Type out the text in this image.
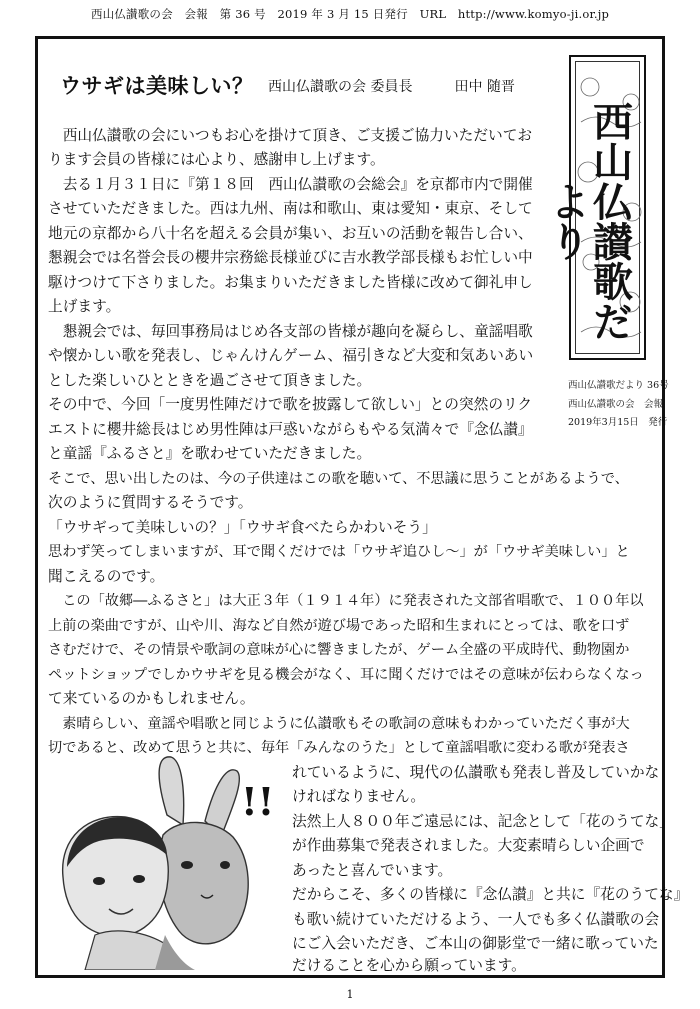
西山仏讃歌の会　会報　第 36 号　2019 年 3 月 15 日発行　URL　http://www.komyo-ji.or.jp
ウサギは美味しい？ 西山仏讃歌の会 委員長　　　田中 随晋
西山仏讃歌だより
西山仏讃歌だより 36号
西山仏讃歌の会　会報
2019年3月15日　発行
　西山仏讃歌の会にいつもお心を掛けて頂き、ご支援ご協力いただいてお
ります会員の皆様には心より、感謝申し上げます。
　去る１月３１日に『第１８回　西山仏讃歌の会総会』を京都市内で開催
させていただきました。西は九州、南は和歌山、東は愛知・東京、そして
地元の京都から八十名を超える会員が集い、お互いの活動を報告し合い、
懇親会では名誉会長の櫻井宗務総長様並びに吉水教学部長様もお忙しい中
駆けつけて下さりました。お集まりいただきました皆様に改めて御礼申し
上げます。
　懇親会では、毎回事務局はじめ各支部の皆様が趣向を凝らし、童謡唱歌
や懐かしい歌を発表し、じゃんけんゲーム、福引きなど大変和気あいあい
とした楽しいひとときを過ごさせて頂きました。
その中で、今回「一度男性陣だけで歌を披露して欲しい」との突然のリク
エストに櫻井総長はじめ男性陣は戸惑いながらもやる気満々で『念仏讃』
と童謡『ふるさと』を歌わせていただきました。
そこで、思い出したのは、今の子供達はこの歌を聴いて、不思議に思うことがあるようで、
次のように質問するそうです。
「ウサギって美味しいの？」「ウサギ食べたらかわいそう」
思わず笑ってしまいますが、耳で聞くだけでは「ウサギ追ひし〜」が「ウサギ美味しい」と
聞こえるのです。
　この「故郷―ふるさと」は大正３年（１９１４年）に発表された文部省唱歌で、１００年以
上前の楽曲ですが、山や川、海など自然が遊び場であった昭和生まれにとっては、歌を口ず
さむだけで、その情景や歌詞の意味が心に響きましたが、ゲーム全盛の平成時代、動物園か
ペットショップでしかウサギを見る機会がなく、耳に聞くだけではその意味が伝わらなくなっ
て来ているのかもしれません。
　素晴らしい、童謡や唱歌と同じように仏讃歌もその歌詞の意味もわかっていただく事が大
切であると、改めて思うと共に、毎年「みんなのうた」として童謡唱歌に変わる歌が発表さ
れているように、現代の仏讃歌も発表し普及していかな
ければなりません。
法然上人８００年ご遠忌には、記念として「花のうてな」
が作曲募集で発表されました。大変素晴らしい企画で
あったと喜んでいます。
だからこそ、多くの皆様に『念仏讃』と共に『花のうてな』
も歌い続けていただけるよう、一人でも多く仏讃歌の会
にご入会いただき、ご本山の御影堂で一緒に歌っていた
だけることを心から願っています。
!!
1
